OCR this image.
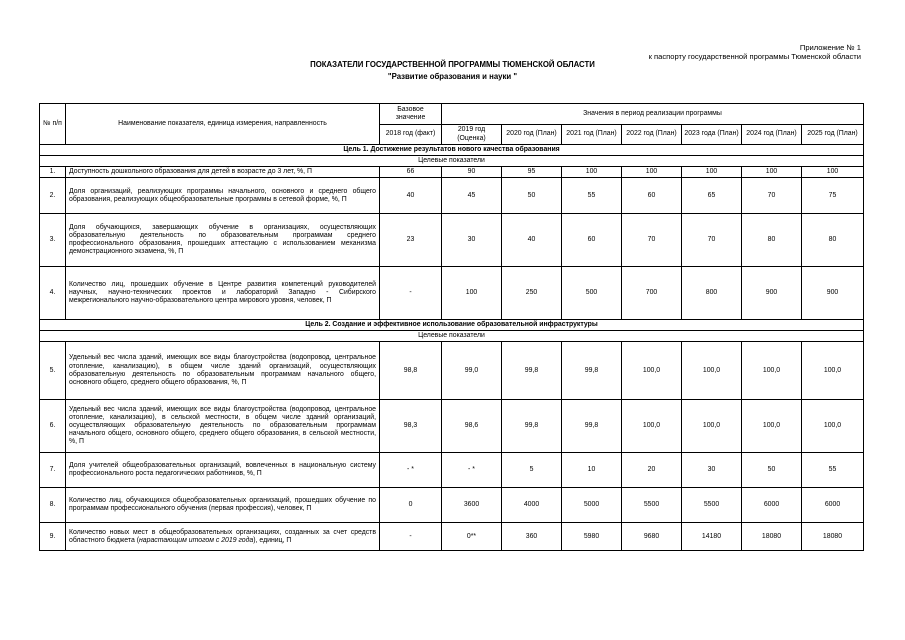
Приложение № 1
к паспорту государственной программы Тюменской области
ПОКАЗАТЕЛИ ГОСУДАРСТВЕННОЙ ПРОГРАММЫ ТЮМЕНСКОЙ ОБЛАСТИ
"Развитие образования и науки "
№ п/п	Наименование показателя, единица измерения, направленность	Базовое значение	Значения в период реализации программы						
		2018 год (факт)	2019 год (Оценка)	2020 год (План)	2021 год (План)	2022 год (План)	2023 года (План)	2024 год (План)	2025 год (План)
Цель 1. Достижение результатов нового качества образования									
Целевые показатели									
1.	Доступность дошкольного образования для детей в возрасте до 3 лет, %, П	66	90	95	100	100	100	100	100
2.	Доля организаций, реализующих программы начального, основного и среднего общего образования, реализующих общеобразовательные программы в сетевой форме, %, П	40	45	50	55	60	65	70	75
3.	Доля обучающихся, завершающих обучение в организациях, осуществляющих образовательную деятельность по образовательным программам среднего профессионального образования, прошедших аттестацию с использованием механизма демонстрационного экзамена, %, П	23	30	40	60	70	70	80	80
4.	Количество лиц, прошедших обучение в Центре развития компетенций руководителей научных, научно-технических проектов и лабораторий Западно - Сибирского межрегионального научно-образовательного центра мирового уровня, человек, П	-	100	250	500	700	800	900	900
Цель 2. Создание и эффективное использование образовательной инфраструктуры									
Целевые показатели									
5.	Удельный вес числа зданий, имеющих все виды благоустройства (водопровод, центральное отопление, канализацию), в общем числе зданий организаций, осуществляющих образовательную деятельность по образовательным программам начального общего, основного общего, среднего общего образования, %, П	98,8	99,0	99,8	99,8	100,0	100,0	100,0	100,0
6.	Удельный вес числа зданий, имеющих все виды благоустройства (водопровод, центральное отопление, канализацию), в сельской местности, в общем числе зданий организаций, осуществляющих образовательную деятельность по образовательным программам начального общего, основного общего, среднего общего образования, в сельской местности, %, П	98,3	98,6	99,8	99,8	100,0	100,0	100,0	100,0
7.	Доля учителей общеобразовательных организаций, вовлеченных в национальную систему профессионального роста педагогических работников, %, П	- *	- *	5	10	20	30	50	55
8.	Количество лиц, обучающихся общеобразовательных организаций, прошедших обучение по программам профессионального обучения (первая профессия), человек, П	0	3600	4000	5000	5500	5500	6000	6000
9.	Количество новых мест в общеобразовательных организациях, созданных за счет средств областного бюджета (нарастающим итогом с 2019 года), единиц, П	-	0**	360	5980	9680	14180	18080	18080
